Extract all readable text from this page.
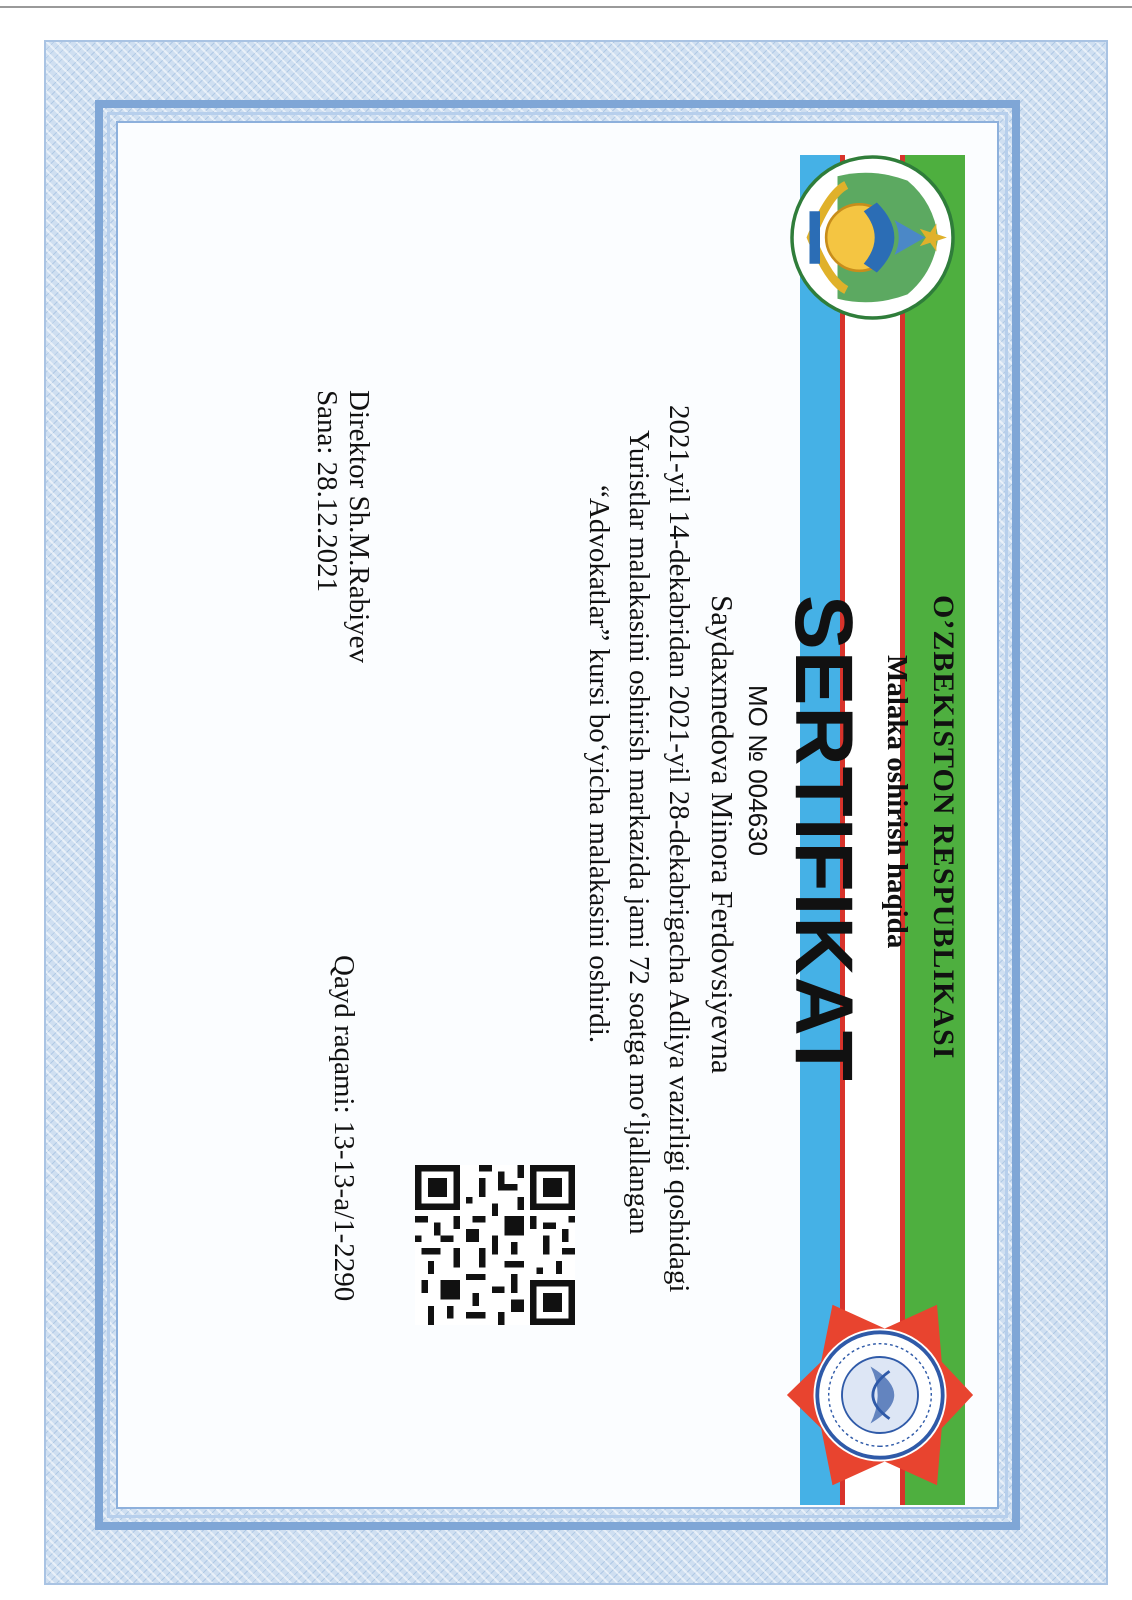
O’ZBEKISTON RESPUBLIKASI
Malaka oshirish haqida
SERTIFIKAT
MO № 004630
Saydaxmedova Minora Ferdovsiyevna
2021-yil 14-dekabridan 2021-yil 28-dekabrigacha Adliya vazirligi qoshidagi
Yuristlar malakasini oshirish markazida jami 72 soatga mo‘ljallangan
“Advokatlar” kursi bo‘yicha malakasini oshirdi.
Direktor Sh.M.Rabiyev
Sana: 28.12.2021
Qayd raqami: 13-13-a/1-2290
